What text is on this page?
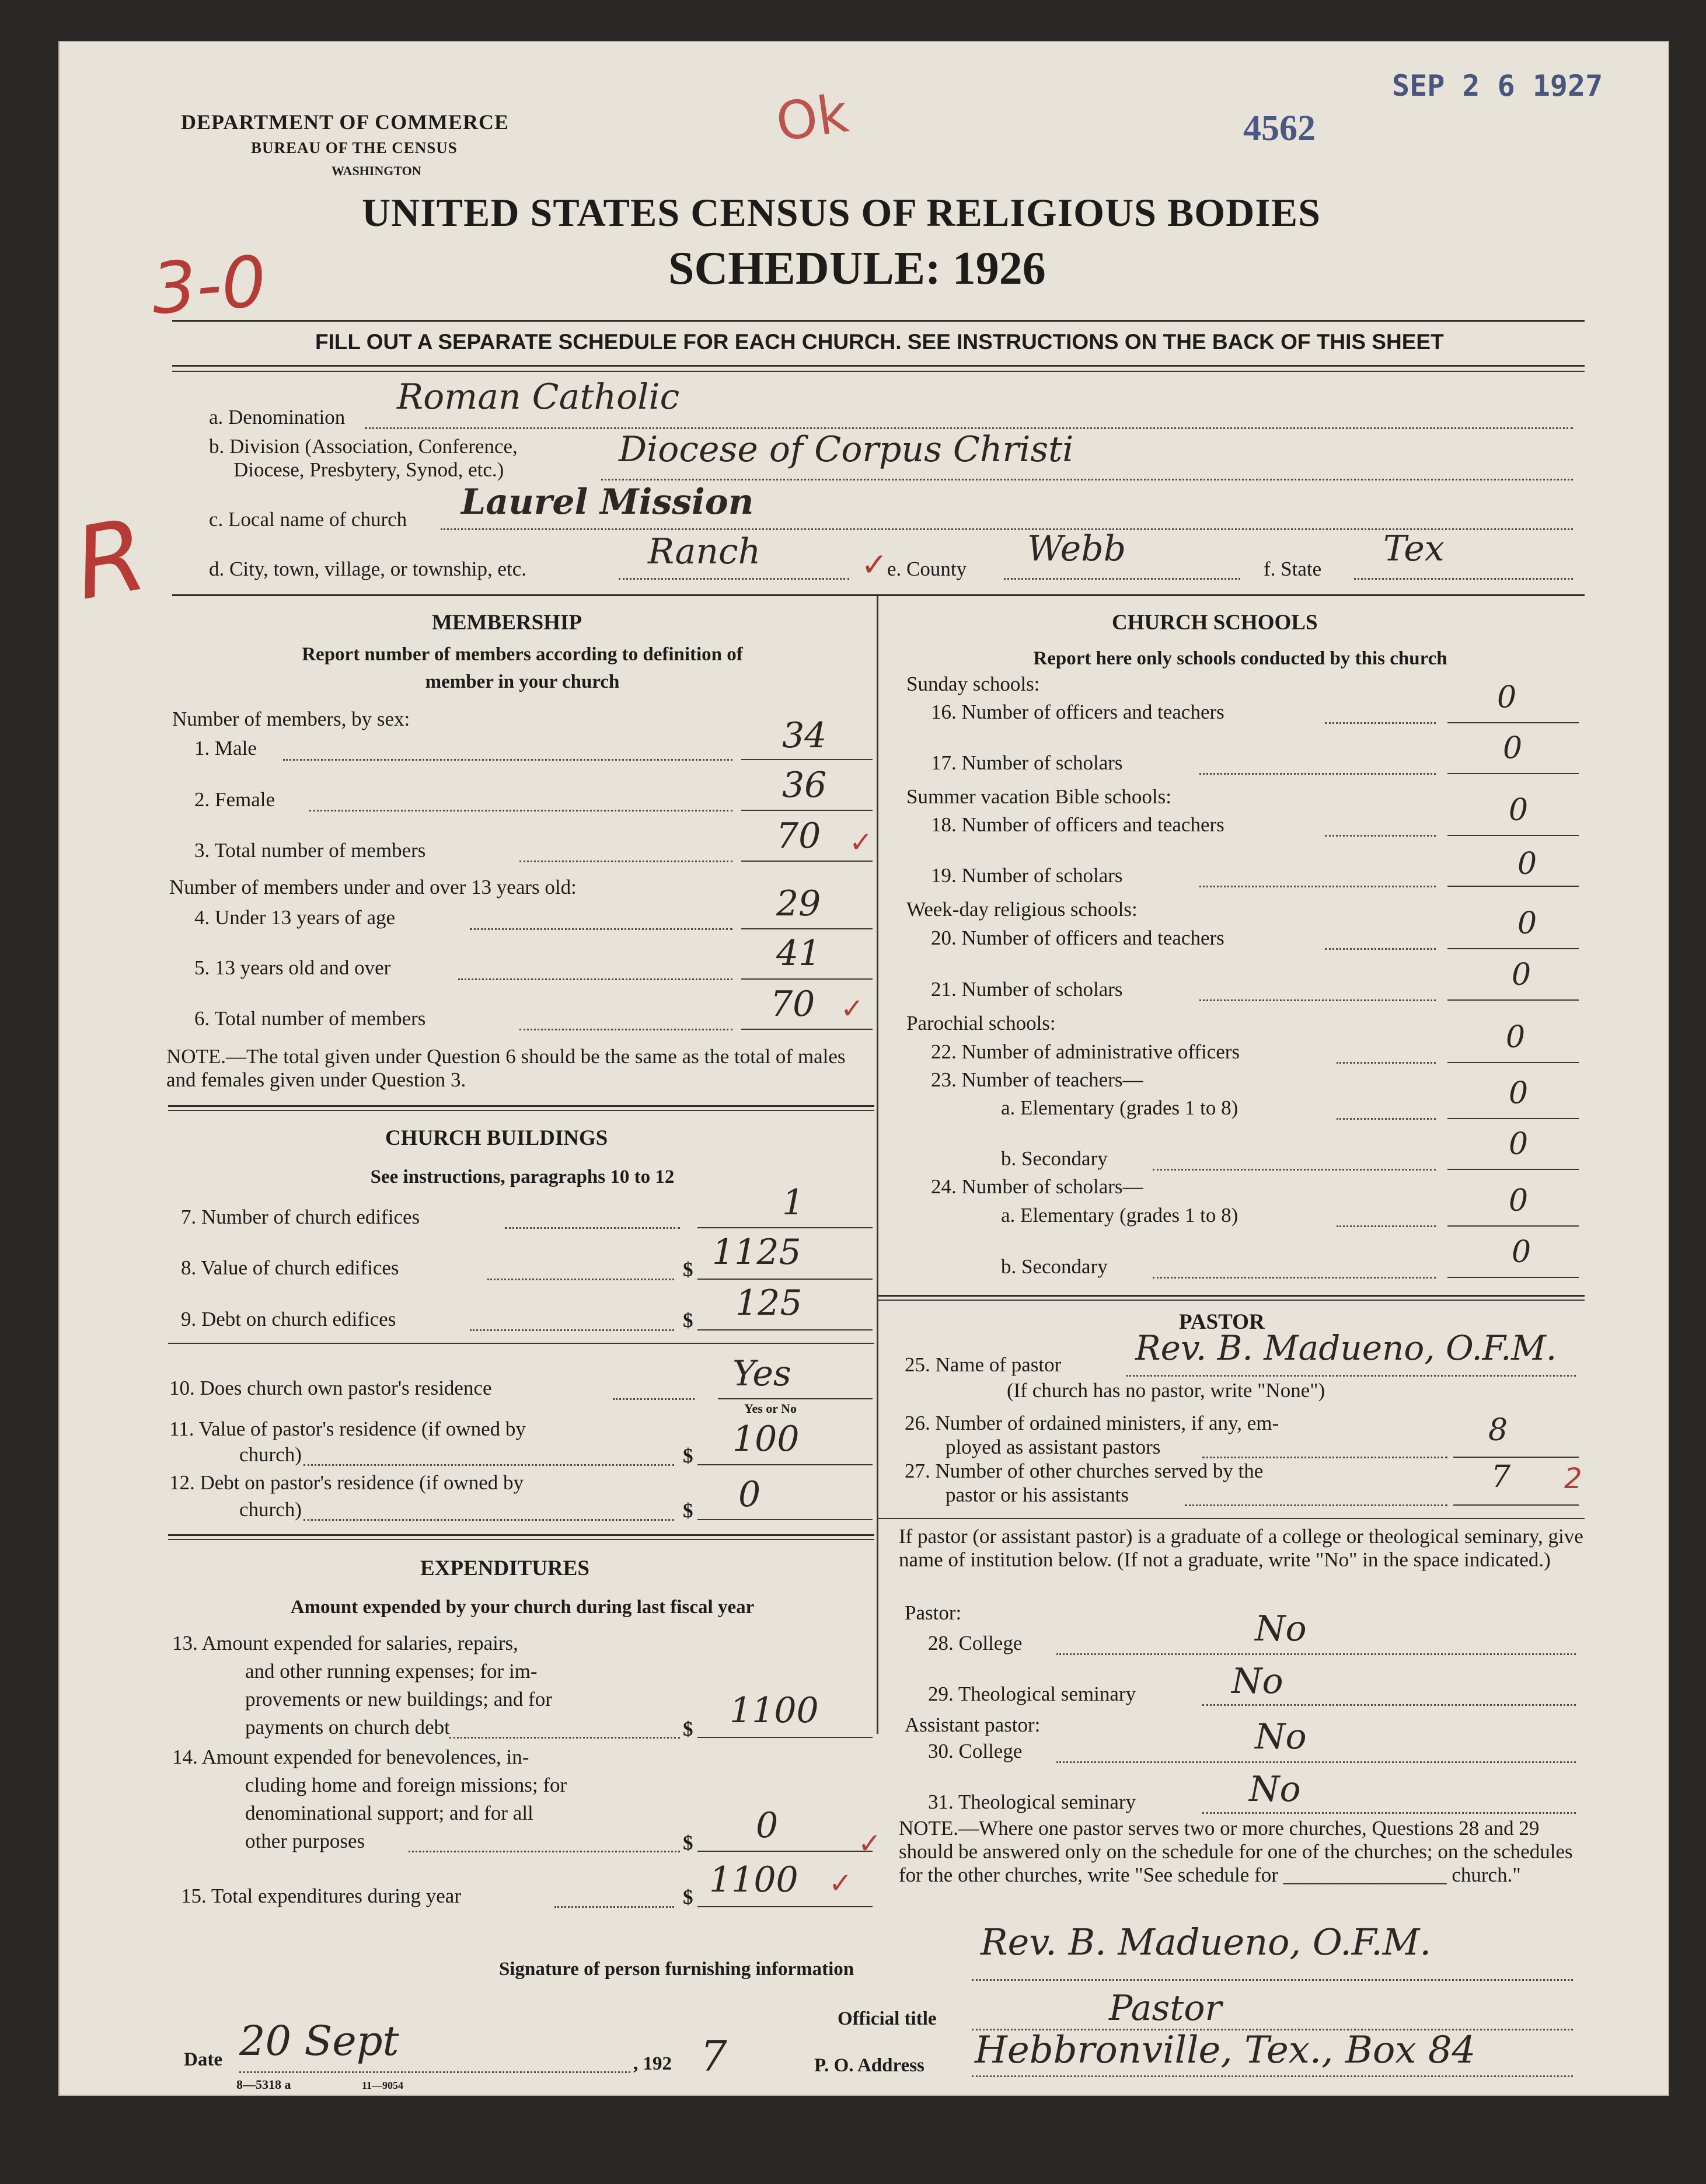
DEPARTMENT OF COMMERCE
BUREAU OF THE CENSUS
WASHINGTON
SEP 2 6 1927
4562
Ok
UNITED STATES CENSUS OF RELIGIOUS BODIES
SCHEDULE: 1926
3-0
FILL OUT A SEPARATE SCHEDULE FOR EACH CHURCH. SEE INSTRUCTIONS ON THE BACK OF THIS SHEET
a. Denomination Roman Catholic
b. Division (Association, Conference,
Diocese, Presbytery, Synod, etc.)	Diocese of Corpus Christi
c. Local name of church Laurel Mission
R	d. City, town, village, or township, etc.	Ranch	✓
e. County Webb	f. State Tex
MEMBERSHIP
Report number of members according to definition of
member in your church
Number of members, by sex:
1. Male	34
2. Female	36
3. Total number of members	70 ✓
Number of members under and over 13 years old:
4. Under 13 years of age	29
5. 13 years old and over	41
6. Total number of members	70 ✓
NOTE.—The total given under Question 6 should be the same as the total of males and females given under Question 3.
CHURCH BUILDINGS
See instructions, paragraphs 10 to 12
7. Number of church edifices	1
8. Value of church edifices	$ 1125
9. Debt on church edifices	$ 125
10. Does church own pastor's residence	Yes
Yes or No
11. Value of pastor's residence (if owned by
church)	$ 100
12. Debt on pastor's residence (if owned by
church)	$ 0
EXPENDITURES
Amount expended by your church during last fiscal year
13. Amount expended for salaries, repairs,
and other running expenses; for im-
provements or new buildings; and for
payments on church debt	$ 1100
14. Amount expended for benevolences, in-
cluding home and foreign missions; for
denominational support; and for all
other purposes	$ 0	✓
15. Total expenditures during year	$ 1100 ✓
CHURCH SCHOOLS
Report here only schools conducted by this church
Sunday schools:
16. Number of officers and teachers	0
17. Number of scholars	0
Summer vacation Bible schools:
18. Number of officers and teachers	0
19. Number of scholars	0
Week-day religious schools:
20. Number of officers and teachers	0
21. Number of scholars	0
Parochial schools:
22. Number of administrative officers	0
23. Number of teachers—
a. Elementary (grades 1 to 8)	0
b. Secondary	0
24. Number of scholars—
a. Elementary (grades 1 to 8)	0
b. Secondary	0
PASTOR
25. Name of pastor Rev. B. Madueno, O.F.M.
(If church has no pastor, write "None")
26. Number of ordained ministers, if any, em-
ployed as assistant pastors	8
27. Number of other churches served by the
pastor or his assistants
7 2
If pastor (or assistant pastor) is a graduate of a college or theological seminary, give name of institution below. (If not a graduate, write "No" in the space indicated.)
Pastor:
28. College	No
29. Theological seminary	No
Assistant pastor:
30. College	No
31. Theological seminary	No
NOTE.—Where one pastor serves two or more churches, Questions 28 and 29 should be answered only on the schedule for one of the churches; on the schedules for the other churches, write "See schedule for ________________ church."
Signature of person furnishing information
Rev. B. Madueno, O.F.M.
Official title	Pastor
Date 20 Sept	, 192 7	P. O. Address Hebbronville, Tex., Box 84
8—5318 a	11—9054
